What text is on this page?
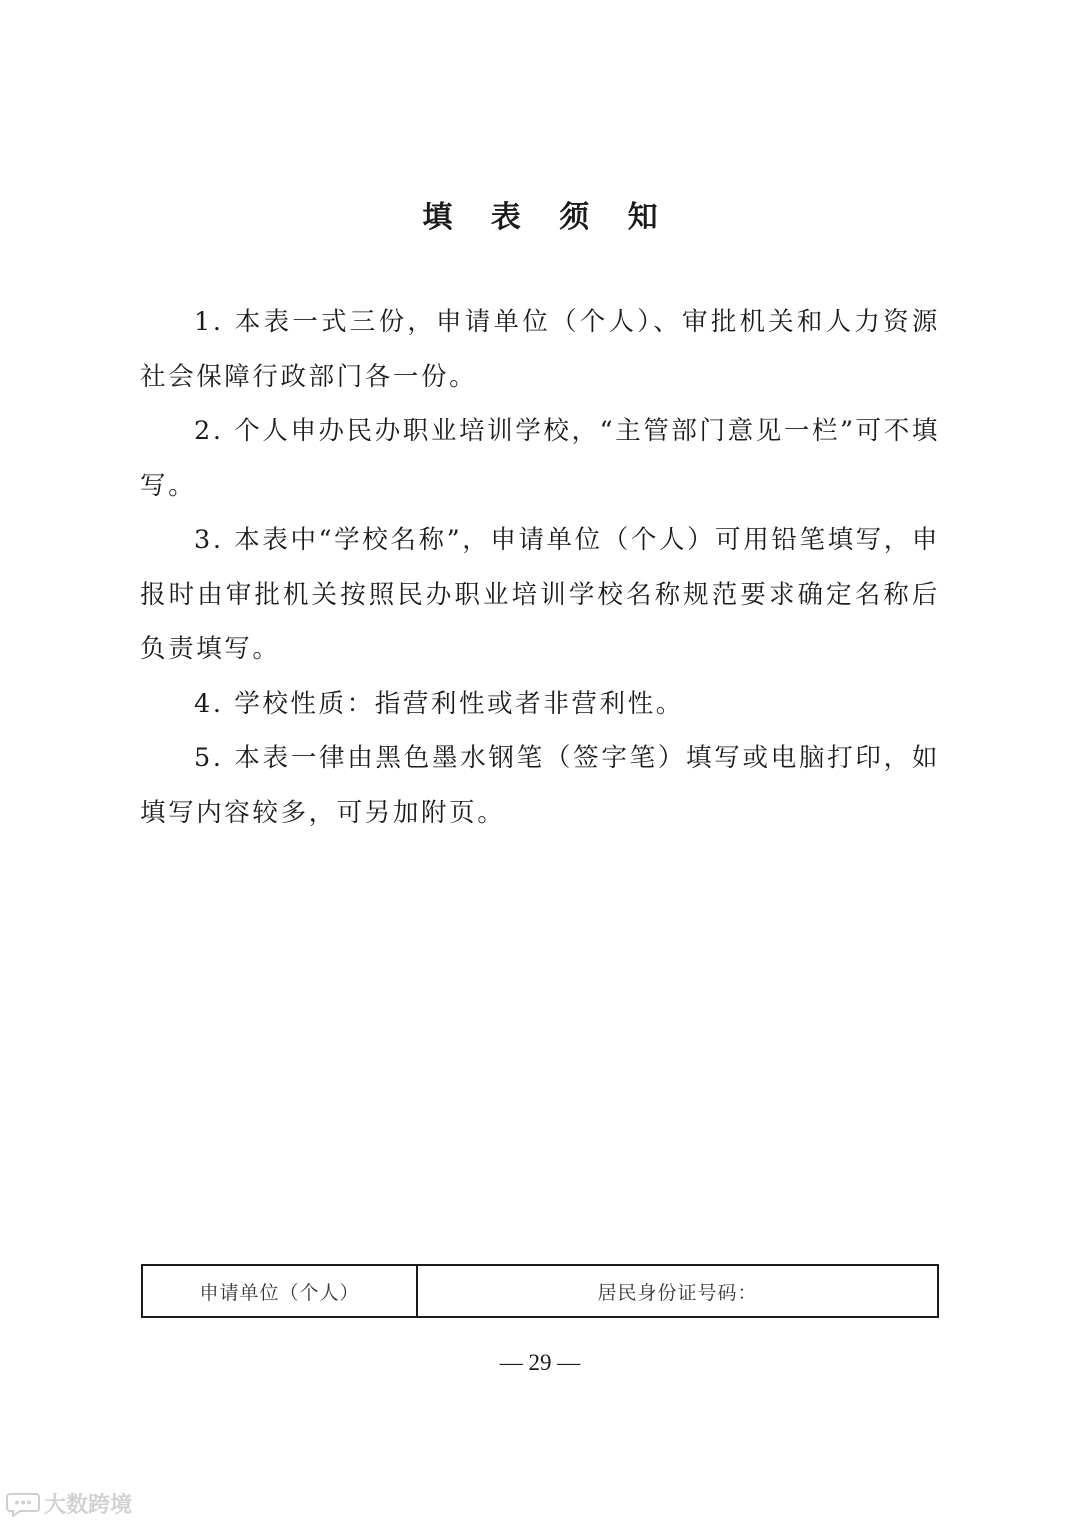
填 表 须 知

1. 本表一式三份，申请单位（个人）、审批机关和人力资源社会保障行政部门各一份。

2. 个人申办民办职业培训学校，“主管部门意见一栏”可不填写。

3. 本表中“学校名称”，申请单位（个人）可用铅笔填写，申报时由审批机关按照民办职业培训学校名称规范要求确定名称后负责填写。

4. 学校性质：指营利性或者非营利性。

5. 本表一律由黑色墨水钢笔（签字笔）填写或电脑打印，如填写内容较多，可另加附页。

申请单位（个人）	居民身份证号码：
— 29 —
大数跨境
